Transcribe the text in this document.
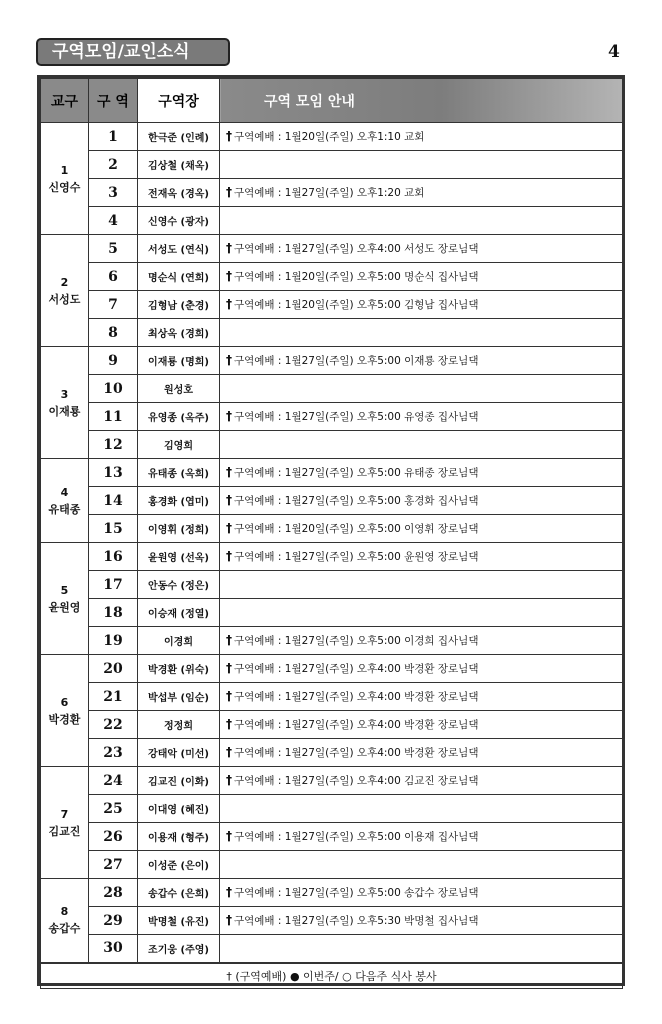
구역모임/교인소식	4
교구	구 역	구역장	구역 모임 안내

1
신영수	1	한극준 (인례)	† 구역예배 : 1월20일(주일) 오후1:10 교회
	2	김상철 (채옥)	
	3	전재옥 (경옥)	† 구역예배 : 1월27일(주일) 오후1:20 교회
	4	신영수 (광자)	

2
서성도	5	서성도 (연식)	† 구역예배 : 1월27일(주일) 오후4:00 서성도 장로님댁
	6	명순식 (연희)	† 구역예배 : 1월20일(주일) 오후5:00 명순식 집사님댁
	7	김형남 (춘경)	† 구역예배 : 1월20일(주일) 오후5:00 김형남 집사님댁
	8	최상옥 (경희)	

3
이재룡	9	이재룡 (명희)	† 구역예배 : 1월27일(주일) 오후5:00 이재룡 장로님댁
	10	원성호	
	11	유영종 (옥주)	† 구역예배 : 1월27일(주일) 오후5:00 유영종 집사님댁
	12	김영희	

4
유태종	13	유태종 (옥희)	† 구역예배 : 1월27일(주일) 오후5:00 유태종 장로님댁
	14	홍경화 (엽미)	† 구역예배 : 1월27일(주일) 오후5:00 홍경화 집사님댁
	15	이영휘 (정희)	† 구역예배 : 1월20일(주일) 오후5:00 이영휘 장로님댁

5
윤원영	16	윤원영 (선옥)	† 구역예배 : 1월27일(주일) 오후5:00 윤원영 장로님댁
	17	안동수 (정은)	
	18	이승재 (정열)	
	19	이경희	† 구역예배 : 1월27일(주일) 오후5:00 이경희 집사님댁

6
박경환	20	박경환 (위숙)	† 구역예배 : 1월27일(주일) 오후4:00 박경환 장로님댁
	21	박섭부 (임순)	† 구역예배 : 1월27일(주일) 오후4:00 박경환 장로님댁
	22	정정희	† 구역예배 : 1월27일(주일) 오후4:00 박경환 장로님댁
	23	강태악 (미선)	† 구역예배 : 1월27일(주일) 오후4:00 박경환 장로님댁

7
김교진	24	김교진 (이화)	† 구역예배 : 1월27일(주일) 오후4:00 김교진 장로님댁
	25	이대영 (혜진)	
	26	이용재 (형주)	† 구역예배 : 1월27일(주일) 오후5:00 이용재 집사님댁
	27	이성준 (은이)	

8
송갑수	28	송갑수 (은희)	† 구역예배 : 1월27일(주일) 오후5:00 송갑수 장로님댁
	29	박명철 (유진)	† 구역예배 : 1월27일(주일) 오후5:30 박명철 집사님댁
	30	조기웅 (주영)	
† (구역예배) ● 이번주/ ○ 다음주 식사 봉사			
